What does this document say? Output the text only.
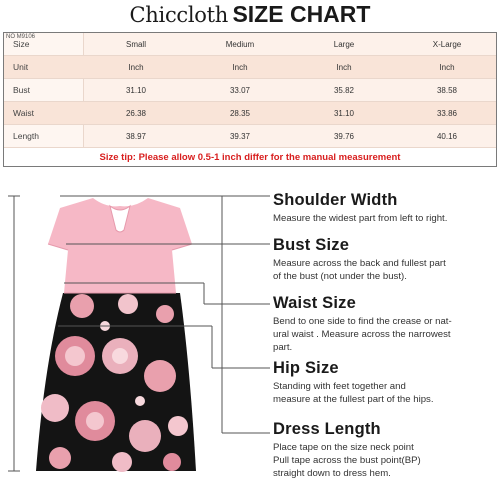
Chiccloth SIZE CHART
NO M9106
Size	Small	Medium	Large	X-Large
Unit	Inch	Inch	Inch	Inch
Bust	31.10	33.07	35.82	38.58
Waist	26.38	28.35	31.10	33.86
Length	38.97	39.37	39.76	40.16
Size tip: Please allow 0.5-1 inch differ for the manual measurement
Shoulder Width
Measure the widest part from left to right.
Bust Size
Measure across the back and fullest part
of the bust (not under the bust).
Waist Size
Bend to one side to find the crease or nat-
ural waist . Measure across the narrowest
part.
Hip Size
Standing with feet together and
measure at the fullest part of the hips.
Dress Length
Place tape on the size neck point
Pull tape across the bust point(BP)
straight down to dress hem.
